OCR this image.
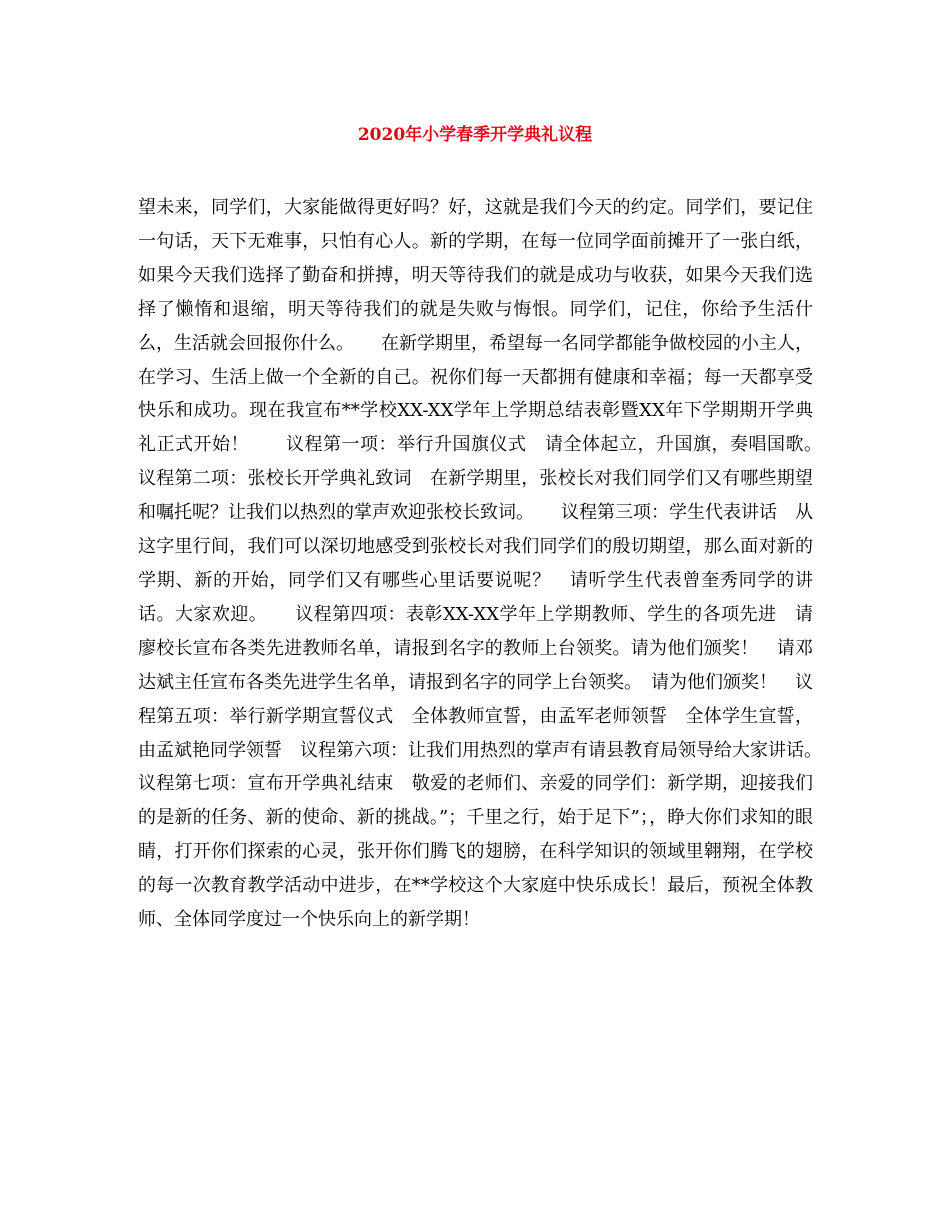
2020年小学春季开学典礼议程

望未来，同学们，大家能做得更好吗？好，这就是我们今天的约定。同学们，要记住一句话，天下无难事，只怕有心人。新的学期，在每一位同学面前摊开了一张白纸，如果今天我们选择了勤奋和拼搏，明天等待我们的就是成功与收获，如果今天我们选择了懒惰和退缩，明天等待我们的就是失败与悔恨。同学们，记住，你给予生活什么，生活就会回报你什么。　　在新学期里，希望每一名同学都能争做校园的小主人，在学习、生活上做一个全新的自己。祝你们每一天都拥有健康和幸福；每一天都享受快乐和成功。现在我宣布**学校XX-XX学年上学期总结表彰暨XX年下学期期开学典礼正式开始！　　议程第一项：举行升国旗仪式　请全体起立，升国旗，奏唱国歌。　　议程第二项：张校长开学典礼致词　在新学期里，张校长对我们同学们又有哪些期望和嘱托呢？让我们以热烈的掌声欢迎张校长致词。　　议程第三项：学生代表讲话　从这字里行间，我们可以深切地感受到张校长对我们同学们的殷切期望，那么面对新的学期、新的开始，同学们又有哪些心里话要说呢？　请听学生代表曾奎秀同学的讲话。大家欢迎。　　议程第四项：表彰XX-XX学年上学期教师、学生的各项先进　请廖校长宣布各类先进教师名单，请报到名字的教师上台领奖。请为他们颁奖！　请邓达斌主任宣布各类先进学生名单，请报到名字的同学上台领奖。　请为他们颁奖！　议程第五项：举行新学期宣誓仪式　全体教师宣誓，由孟军老师领誓　全体学生宣誓，由孟斌艳同学领誓　议程第六项：让我们用热烈的掌声有请县教育局领导给大家讲话。　　议程第七项：宣布开学典礼结束　敬爱的老师们、亲爱的同学们：新学期，迎接我们的是新的任务、新的使命、新的挑战。”；千里之行，始于足下”；，睁大你们求知的眼睛，打开你们探索的心灵，张开你们腾飞的翅膀，在科学知识的领域里翱翔，在学校的每一次教育教学活动中进步，在**学校这个大家庭中快乐成长！最后，预祝全体教师、全体同学度过一个快乐向上的新学期！
